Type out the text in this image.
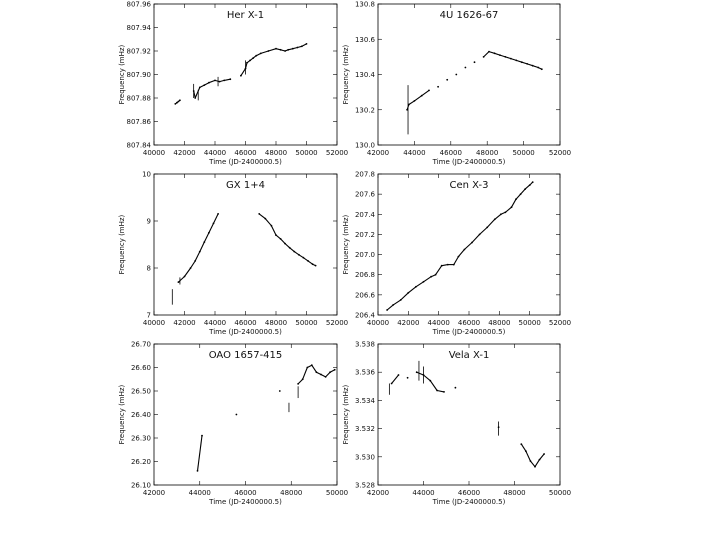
40000 42000 44000 46000 48000 50000 52000
807.84
807.86
807.88
807.90
807.92
807.94
807.96
Her X-1
Time (JD-2400000.5)
Frequency (mHz)
42000 44000 46000 48000 50000 52000
130.0
130.2
130.4
130.6
130.8
4U 1626-67
Time (JD-2400000.5)
Frequency (mHz)
40000 42000 44000 46000 48000 50000 52000
7
8
9
10
GX 1+4
Time (JD-2400000.5)
Frequency (mHz)
40000 42000 44000 46000 48000 50000 52000
206.4
206.6
206.8
207.0
207.2
207.4
207.6
207.8
Cen X-3
Time (JD-2400000.5)
Frequency (mHz)
42000	44000	46000	48000	50000
26.10
26.20
26.30
26.40
26.50
26.60
26.70
OAO 1657-415
Time (JD-2400000.5)
Frequency (mHz)
42000	44000	46000	48000	50000
3.528
3.530
3.532
3.534
3.536
3.538
Vela X-1
Time (JD-2400000.5)
Frequency (mHz)
